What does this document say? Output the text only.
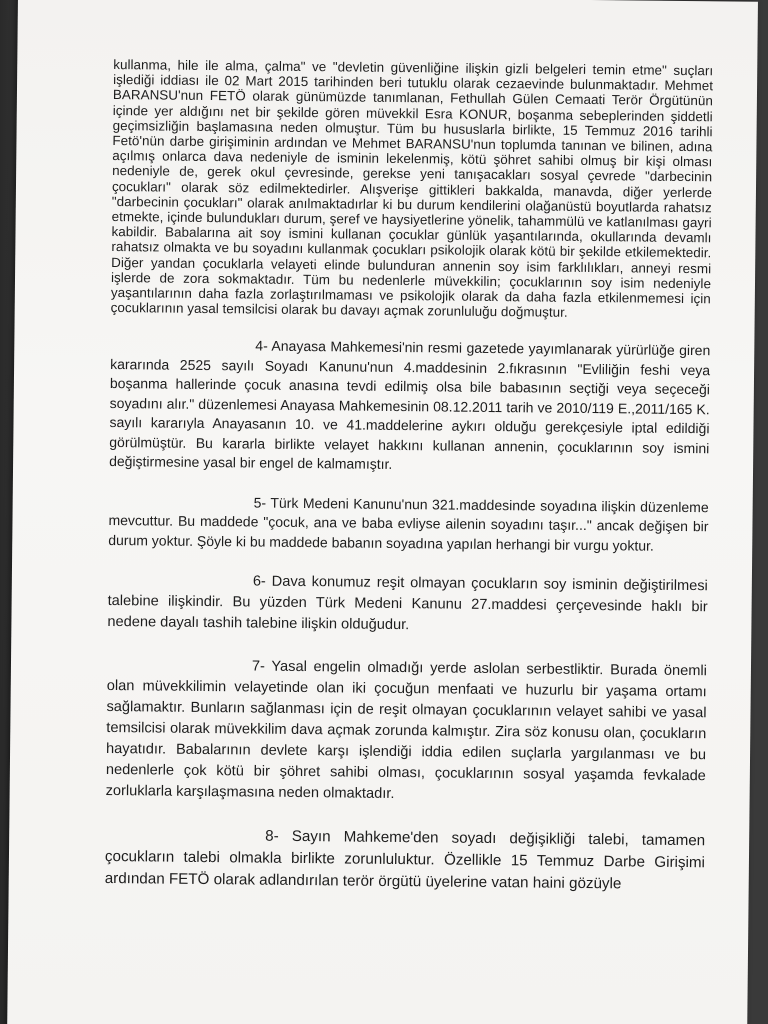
kullanma, hile ile alma, çalma" ve "devletin güvenliğine ilişkin gizli belgeleri temin etme" suçları işlediği iddiası ile 02 Mart 2015 tarihinden beri tutuklu olarak cezaevinde bulunmaktadır. Mehmet BARANSU'nun FETÖ olarak günümüzde tanımlanan, Fethullah Gülen Cemaati Terör Örgütünün içinde yer aldığını net bir şekilde gören müvekkil Esra KONUR, boşanma sebeplerinden şiddetli geçimsizliğin başlamasına neden olmuştur. Tüm bu hususlarla birlikte, 15 Temmuz 2016 tarihli Fetö'nün darbe girişiminin ardından ve Mehmet BARANSU'nun toplumda tanınan ve bilinen, adına açılmış onlarca dava nedeniyle de isminin lekelenmiş, kötü şöhret sahibi olmuş bir kişi olması nedeniyle de, gerek okul çevresinde, gerekse yeni tanışacakları sosyal çevrede "darbecinin çocukları" olarak söz edilmektedirler. Alışverişe gittikleri bakkalda, manavda, diğer yerlerde "darbecinin çocukları" olarak anılmaktadırlar ki bu durum kendilerini olağanüstü boyutlarda rahatsız etmekte, içinde bulundukları durum, şeref ve haysiyetlerine yönelik, tahammülü ve katlanılması gayri kabildir. Babalarına ait soy ismini kullanan çocuklar günlük yaşantılarında, okullarında devamlı rahatsız olmakta ve bu soyadını kullanmak çocukları psikolojik olarak kötü bir şekilde etkilemektedir. Diğer yandan çocuklarla velayeti elinde bulunduran annenin soy isim farklılıkları, anneyi resmi işlerde de zora sokmaktadır. Tüm bu nedenlerle müvekkilin; çocuklarının soy isim nedeniyle yaşantılarının daha fazla zorlaştırılmaması ve psikolojik olarak da daha fazla etkilenmemesi için çocuklarının yasal temsilcisi olarak bu davayı açmak zorunluluğu doğmuştur.

4- Anayasa Mahkemesi'nin resmi gazetede yayımlanarak yürürlüğe giren kararında 2525 sayılı Soyadı Kanunu'nun 4.maddesinin 2.fıkrasının "Evliliğin feshi veya boşanma hallerinde çocuk anasına tevdi edilmiş olsa bile babasının seçtiği veya seçeceği soyadını alır." düzenlemesi Anayasa Mahkemesinin 08.12.2011 tarih ve 2010/119 E.,2011/165 K. sayılı kararıyla Anayasanın 10. ve 41.maddelerine aykırı olduğu gerekçesiyle iptal edildiği görülmüştür. Bu kararla birlikte velayet hakkını kullanan annenin, çocuklarının soy ismini değiştirmesine yasal bir engel de kalmamıştır.

5- Türk Medeni Kanunu'nun 321.maddesinde soyadına ilişkin düzenleme mevcuttur. Bu maddede "çocuk, ana ve baba evliyse ailenin soyadını taşır..." ancak değişen bir durum yoktur. Şöyle ki bu maddede babanın soyadına yapılan herhangi bir vurgu yoktur.

6- Dava konumuz reşit olmayan çocukların soy isminin değiştirilmesi talebine ilişkindir. Bu yüzden Türk Medeni Kanunu 27.maddesi çerçevesinde haklı bir nedene dayalı tashih talebine ilişkin olduğudur.

7- Yasal engelin olmadığı yerde aslolan serbestliktir. Burada önemli olan müvekkilimin velayetinde olan iki çocuğun menfaati ve huzurlu bir yaşama ortamı sağlamaktır. Bunların sağlanması için de reşit olmayan çocuklarının velayet sahibi ve yasal temsilcisi olarak müvekkilim dava açmak zorunda kalmıştır. Zira söz konusu olan, çocukların hayatıdır. Babalarının devlete karşı işlendiği iddia edilen suçlarla yargılanması ve bu nedenlerle çok kötü bir şöhret sahibi olması, çocuklarının sosyal yaşamda fevkalade zorluklarla karşılaşmasına neden olmaktadır.

8- Sayın Mahkeme'den soyadı değişikliği talebi, tamamen çocukların talebi olmakla birlikte zorunluluktur. Özellikle 15 Temmuz Darbe Girişimi ardından FETÖ olarak adlandırılan terör örgütü üyelerine vatan haini gözüyle
